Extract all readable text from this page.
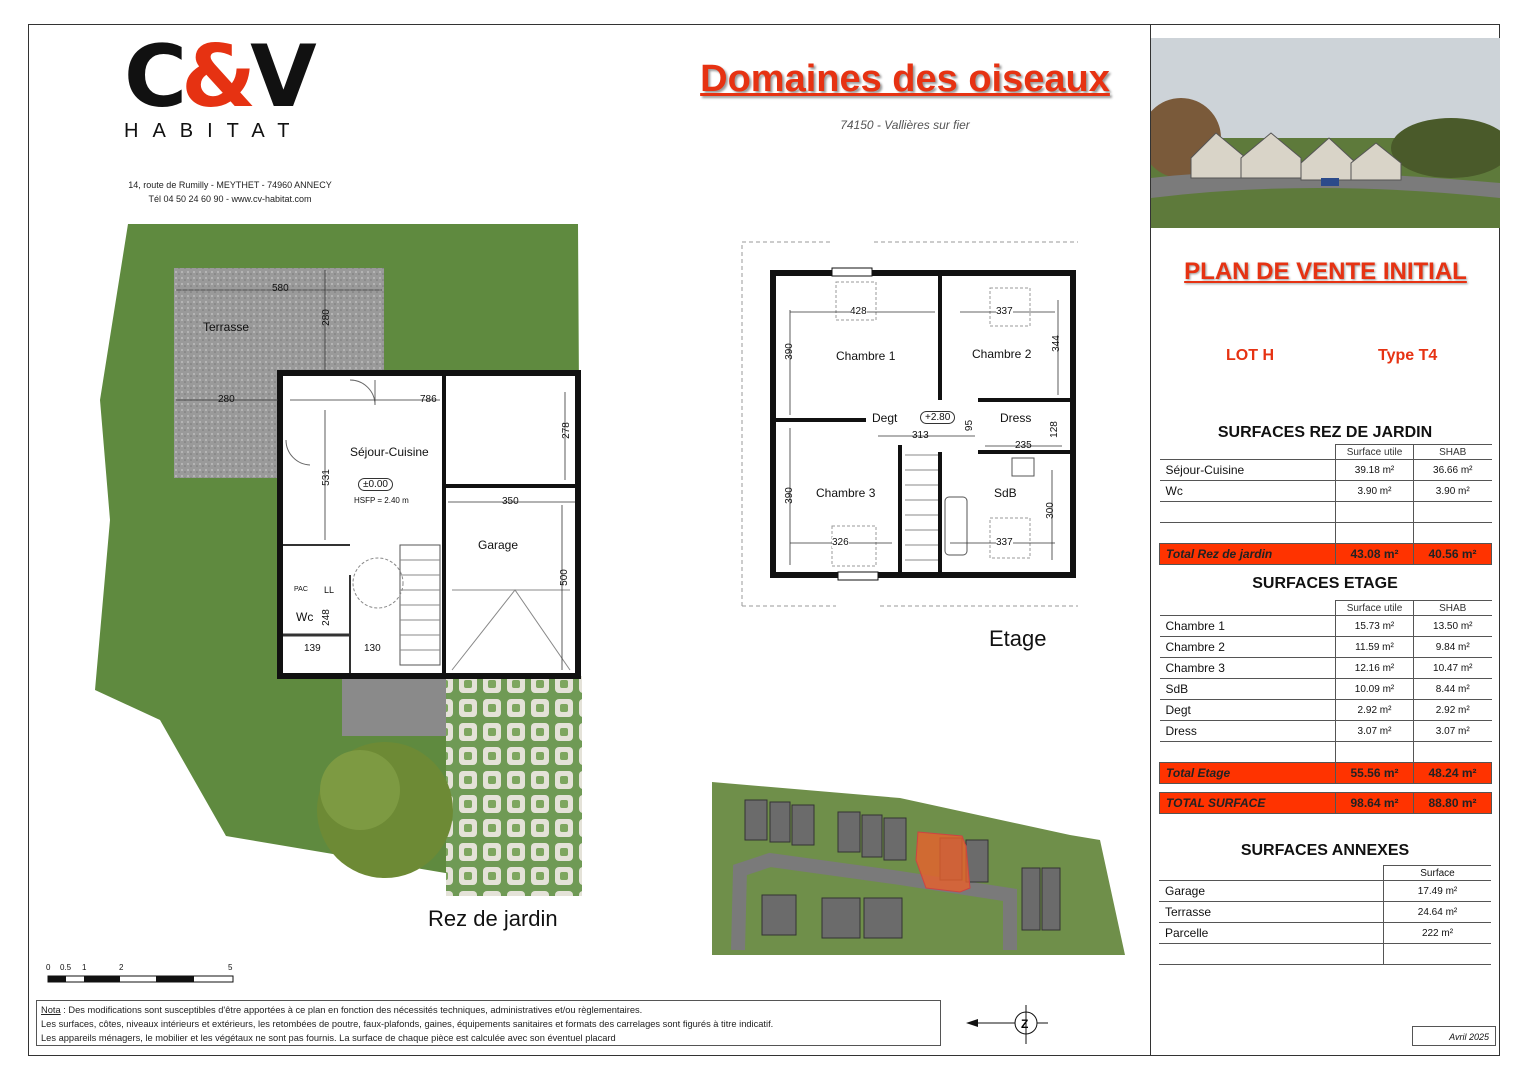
C&V
HABITAT
14, route de Rumilly - MEYTHET - 74960 ANNECY
Tél 04 50 24 60 90 - www.cv-habitat.com
Domaines des oiseaux
74150 - Vallières sur fier
580
280
280
786
278
531
350
500
248
139	130
Terrasse
Séjour-Cuisine
±0.00
HSFP = 2.40 m
Garage
Wc
PAC LL
Rez de jardin
428	337
390	344
313
95
235
128
390
326	337
300
Chambre 1	Chambre 2
Degt	+2.80	Dress
Chambre 3	SdB
Etage
0 0.5 1	2	5
Nota : Des modifications sont susceptibles d'être apportées à ce plan en fonction des nécessités techniques, administratives et/ou règlementaires.
Les surfaces, côtes, niveaux intérieurs et extérieurs, les retombées de poutre, faux-plafonds, gaines, équipements sanitaires et formats des carrelages sont figurés à titre indicatif.
Les appareils ménagers, le mobilier et les végétaux ne sont pas fournis. La surface de chaque pièce est calculée avec son éventuel placard
Z
PLAN DE VENTE INITIAL
LOT H	Type T4
SURFACES REZ DE JARDIN
	Surface utile	SHAB
Séjour-Cuisine	39.18 m²	36.66 m²
Wc	3.90 m²	3.90 m²

Total Rez de jardin	43.08 m²	40.56 m²
SURFACES ETAGE
	Surface utile	SHAB
Chambre 1	15.73 m²	13.50 m²
Chambre 2	11.59 m²	9.84 m²
Chambre 3	12.16 m²	10.47 m²
SdB	10.09 m²	8.44 m²
Degt	2.92 m²	2.92 m²
Dress	3.07 m²	3.07 m²

Total Etage	55.56 m²	48.24 m²

TOTAL SURFACE	98.64 m²	88.80 m²
SURFACES ANNEXES
	Surface
Garage	17.49 m²
Terrasse	24.64 m²
Parcelle	222 m²

Avril 2025
